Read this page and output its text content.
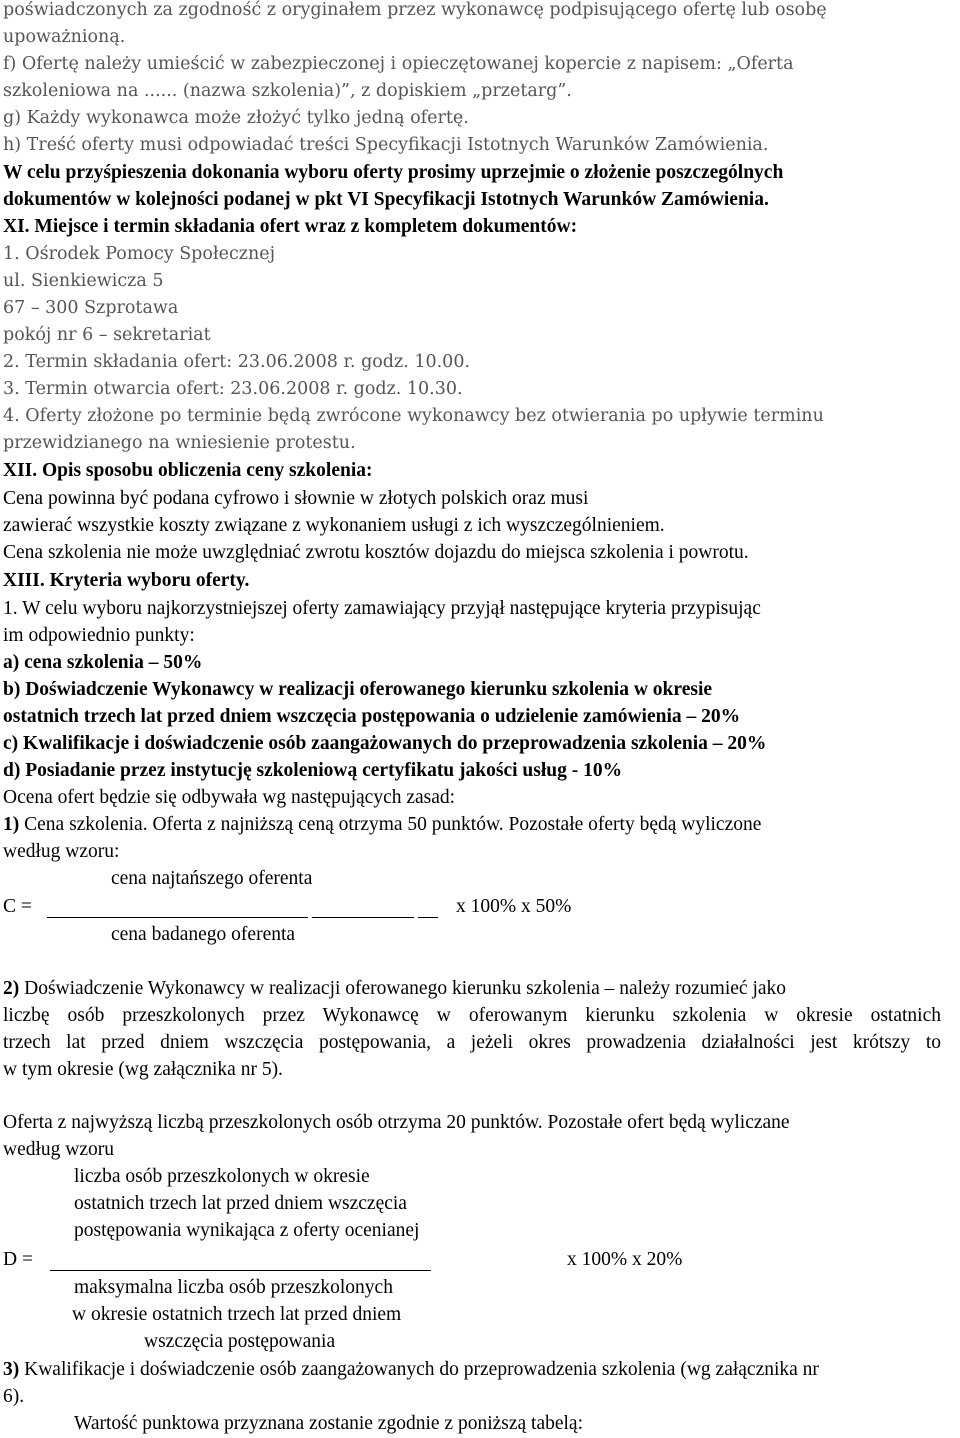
poświadczonych za zgodność z oryginałem przez wykonawcę podpisującego ofertę lub osobę
upoważnioną.
f) Ofertę należy umieścić w zabezpieczonej i opieczętowanej kopercie z napisem: „Oferta
szkoleniowa na ...... (nazwa szkolenia)”, z dopiskiem „przetarg”.
g) Każdy wykonawca może złożyć tylko jedną ofertę.
h) Treść oferty musi odpowiadać treści Specyfikacji Istotnych Warunków Zamówienia.
W celu przyśpieszenia dokonania wyboru oferty prosimy uprzejmie o złożenie poszczególnych
dokumentów w kolejności podanej w pkt VI Specyfikacji Istotnych Warunków Zamówienia.
XI. Miejsce i termin składania ofert wraz z kompletem dokumentów:
1. Ośrodek Pomocy Społecznej
ul. Sienkiewicza 5
67 – 300 Szprotawa
pokój nr 6 – sekretariat
2. Termin składania ofert: 23.06.2008 r. godz. 10.00.
3. Termin otwarcia ofert: 23.06.2008 r. godz. 10.30.
4. Oferty złożone po terminie będą zwrócone wykonawcy bez otwierania po upływie terminu
przewidzianego na wniesienie protestu.
XII. Opis sposobu obliczenia ceny szkolenia:
Cena powinna być podana cyfrowo i słownie w złotych polskich oraz musi
zawierać wszystkie koszty związane z wykonaniem usługi z ich wyszczególnieniem.
Cena szkolenia nie może uwzględniać zwrotu kosztów dojazdu do miejsca szkolenia i powrotu.
XIII. Kryteria wyboru oferty.
1. W celu wyboru najkorzystniejszej oferty zamawiający przyjął następujące kryteria przypisując
im odpowiednio punkty:
a) cena szkolenia – 50%
b) Doświadczenie Wykonawcy w realizacji oferowanego kierunku szkolenia w okresie
ostatnich trzech lat przed dniem wszczęcia postępowania o udzielenie zamówienia – 20%
c) Kwalifikacje i doświadczenie osób zaangażowanych do przeprowadzenia szkolenia – 20%
d) Posiadanie przez instytucję szkoleniową certyfikatu jakości usług - 10%
Ocena ofert będzie się odbywała wg następujących zasad:
1) Cena szkolenia. Oferta z najniższą ceną otrzyma 50 punktów. Pozostałe oferty będą wyliczone
według wzoru:
cena najtańszego oferenta
C =	x 100% x 50%
cena badanego oferenta
2) Doświadczenie Wykonawcy w realizacji oferowanego kierunku szkolenia – należy rozumieć jako
liczbę osób przeszkolonych przez Wykonawcę w oferowanym kierunku szkolenia w okresie ostatnich
trzech lat przed dniem wszczęcia postępowania, a jeżeli okres prowadzenia działalności jest krótszy to
w tym okresie (wg załącznika nr 5).
Oferta z najwyższą liczbą przeszkolonych osób otrzyma 20 punktów. Pozostałe ofert będą wyliczane
według wzoru
liczba osób przeszkolonych w okresie
ostatnich trzech lat przed dniem wszczęcia
postępowania wynikająca z oferty ocenianej
D =	x 100% x 20%
maksymalna liczba osób przeszkolonych
w okresie ostatnich trzech lat przed dniem
wszczęcia postępowania
3) Kwalifikacje i doświadczenie osób zaangażowanych do przeprowadzenia szkolenia (wg załącznika nr
6).
Wartość punktowa przyznana zostanie zgodnie z poniższą tabelą:
